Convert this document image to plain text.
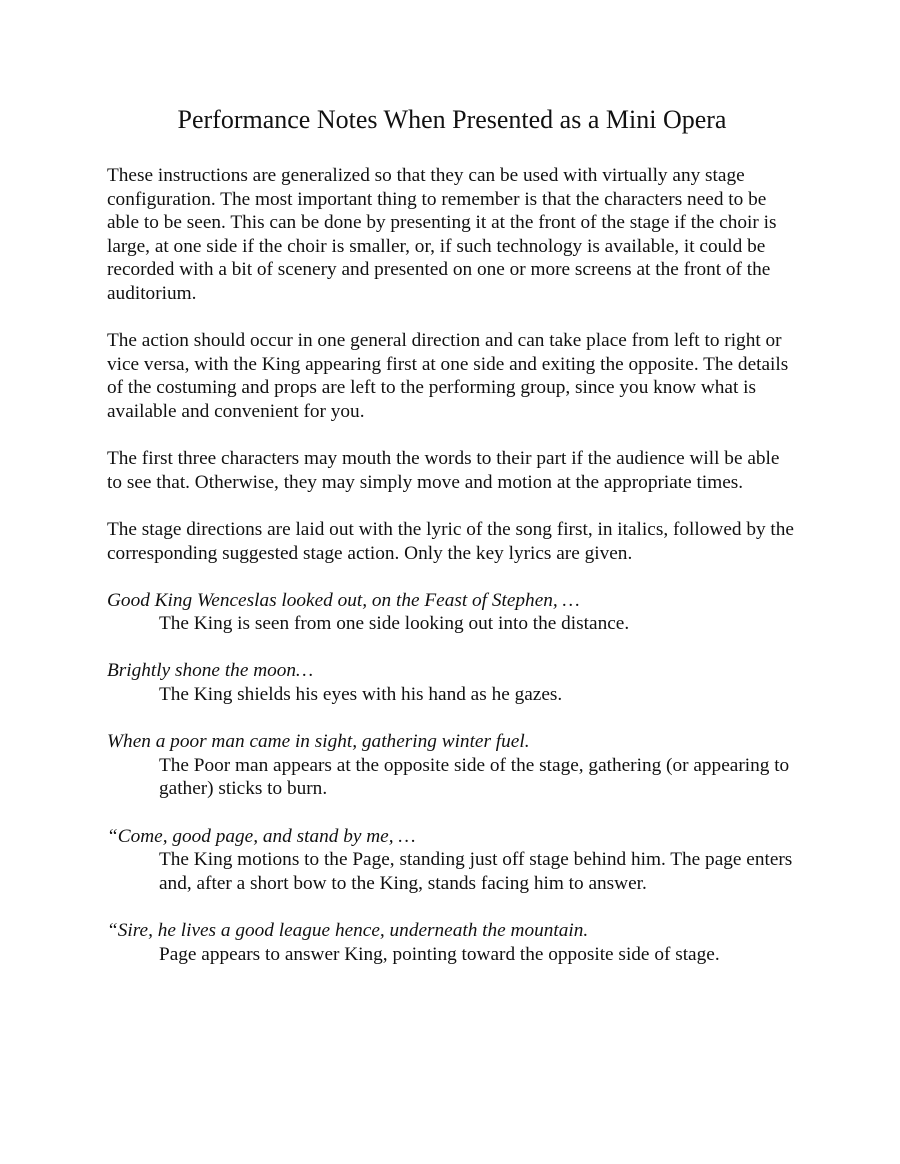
Performance Notes When Presented as a Mini Opera

These instructions are generalized so that they can be used with virtually any stage configuration. The most important thing to remember is that the characters need to be able to be seen. This can be done by presenting it at the front of the stage if the choir is large, at one side if the choir is smaller, or, if such technology is available, it could be recorded with a bit of scenery and presented on one or more screens at the front of the auditorium.

The action should occur in one general direction and can take place from left to right or vice versa, with the King appearing first at one side and exiting the opposite. The details of the costuming and props are left to the performing group, since you know what is available and convenient for you.

The first three characters may mouth the words to their part if the audience will be able to see that. Otherwise, they may simply move and motion at the appropriate times.

The stage directions are laid out with the lyric of the song first, in italics, followed by the corresponding suggested stage action. Only the key lyrics are given.

Good King Wenceslas looked out, on the Feast of Stephen, …
The King is seen from one side looking out into the distance.
Brightly shone the moon…
The King shields his eyes with his hand as he gazes.
When a poor man came in sight, gathering winter fuel.
The Poor man appears at the opposite side of the stage, gathering (or appearing to gather) sticks to burn.
“Come, good page, and stand by me, …
The King motions to the Page, standing just off stage behind him. The page enters and, after a short bow to the King, stands facing him to answer.
“Sire, he lives a good league hence, underneath the mountain.
Page appears to answer King, pointing toward the opposite side of stage.
